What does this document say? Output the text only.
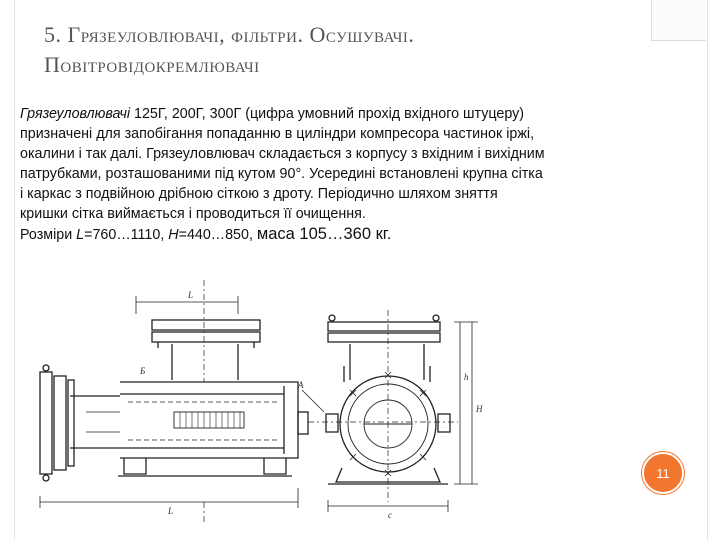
5. Грязеуловлювачі, фільтри. Осушувачі.
Повітровідокремлювачі

Грязеуловлювачі 125Г, 200Г, 300Г (цифра умовний прохід вхідного штуцеру)

призначені для запобігання попаданню в циліндри компресора частинок іржі,

окалини і так далі. Грязеуловлювач складається з корпусу з вхідним і вихідним

патрубками, розташованими під кутом 90°. Усередині встановлені крупна сітка

і каркас з подвійною дрібною сіткою з дроту. Періодично шляхом зняття

кришки сітка виймається і проводиться її очищення.

Розміри L=760…1110, H=440…850, маса 105…360 кг.

L
L
H
h
А
Б
с
11
